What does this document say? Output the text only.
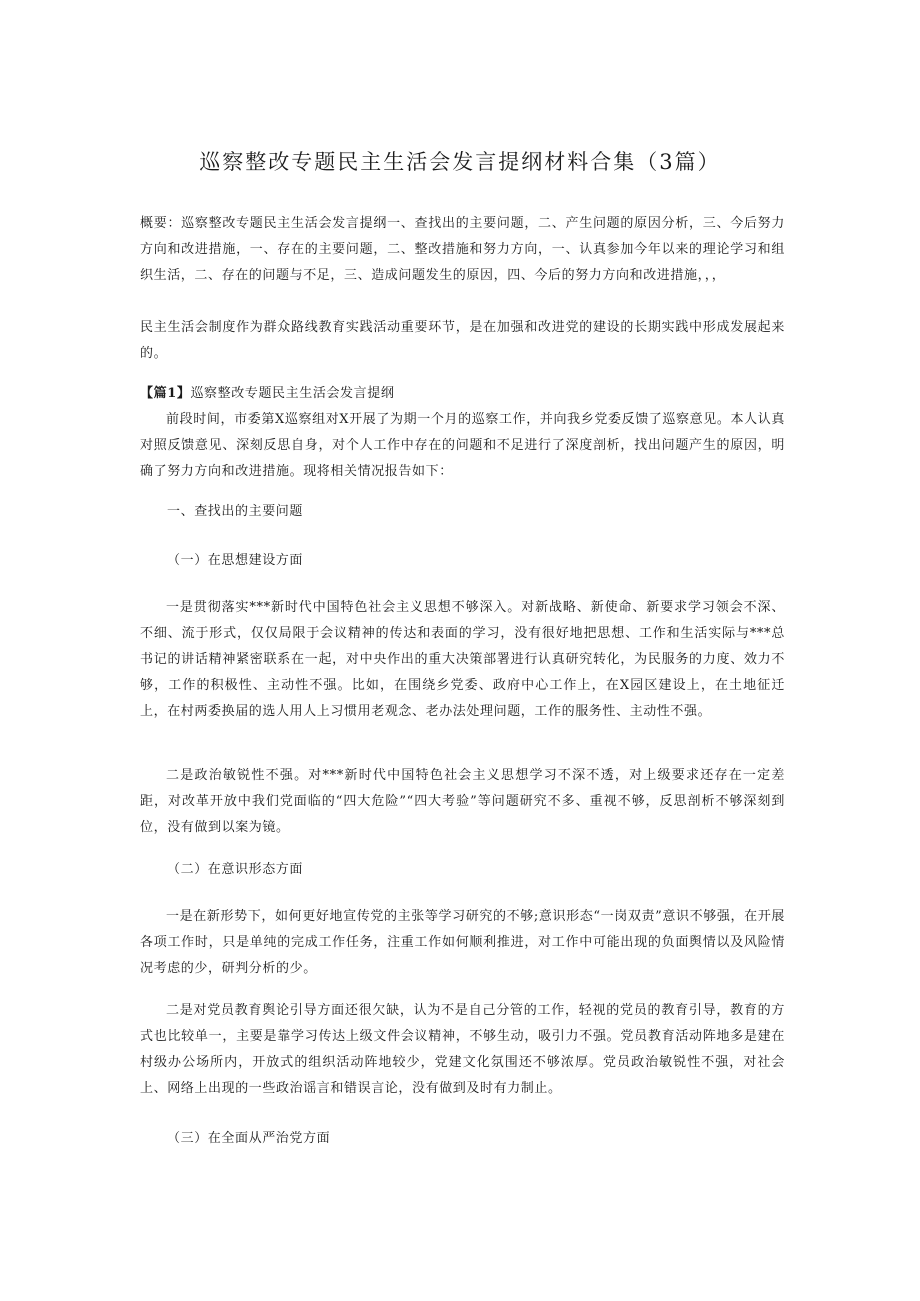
巡察整改专题民主生活会发言提纲材料合集（3篇）

概要：巡察整改专题民主生活会发言提纲一、查找出的主要问题，二、产生问题的原因分析，三、今后努力方向和改进措施，一、存在的主要问题，二、整改措施和努力方向，一、认真参加今年以来的理论学习和组织生活，二、存在的问题与不足，三、造成问题发生的原因，四、今后的努力方向和改进措施，，，

民主生活会制度作为群众路线教育实践活动重要环节，是在加强和改进党的建设的长期实践中形成发展起来的。

【篇1】巡察整改专题民主生活会发言提纲

前段时间，市委第X巡察组对X开展了为期一个月的巡察工作，并向我乡党委反馈了巡察意见。本人认真对照反馈意见、深刻反思自身，对个人工作中存在的问题和不足进行了深度剖析，找出问题产生的原因，明确了努力方向和改进措施。现将相关情况报告如下：

一、查找出的主要问题

（一）在思想建设方面

一是贯彻落实***新时代中国特色社会主义思想不够深入。对新战略、新使命、新要求学习领会不深、不细、流于形式，仅仅局限于会议精神的传达和表面的学习，没有很好地把思想、工作和生活实际与***总书记的讲话精神紧密联系在一起，对中央作出的重大决策部署进行认真研究转化，为民服务的力度、效力不够，工作的积极性、主动性不强。比如，在围绕乡党委、政府中心工作上，在X园区建设上，在土地征迁上，在村两委换届的选人用人上习惯用老观念、老办法处理问题，工作的服务性、主动性不强。

二是政治敏锐性不强。对***新时代中国特色社会主义思想学习不深不透，对上级要求还存在一定差距，对改革开放中我们党面临的“四大危险”“四大考验”等问题研究不多、重视不够，反思剖析不够深刻到位，没有做到以案为镜。

（二）在意识形态方面

一是在新形势下，如何更好地宣传党的主张等学习研究的不够;意识形态“一岗双责”意识不够强，在开展各项工作时，只是单纯的完成工作任务，注重工作如何顺利推进，对工作中可能出现的负面舆情以及风险情况考虑的少，研判分析的少。

二是对党员教育舆论引导方面还很欠缺，认为不是自己分管的工作，轻视的党员的教育引导，教育的方式也比较单一，主要是靠学习传达上级文件会议精神，不够生动，吸引力不强。党员教育活动阵地多是建在村级办公场所内，开放式的组织活动阵地较少，党建文化氛围还不够浓厚。党员政治敏锐性不强，对社会上、网络上出现的一些政治谣言和错误言论，没有做到及时有力制止。

（三）在全面从严治党方面
